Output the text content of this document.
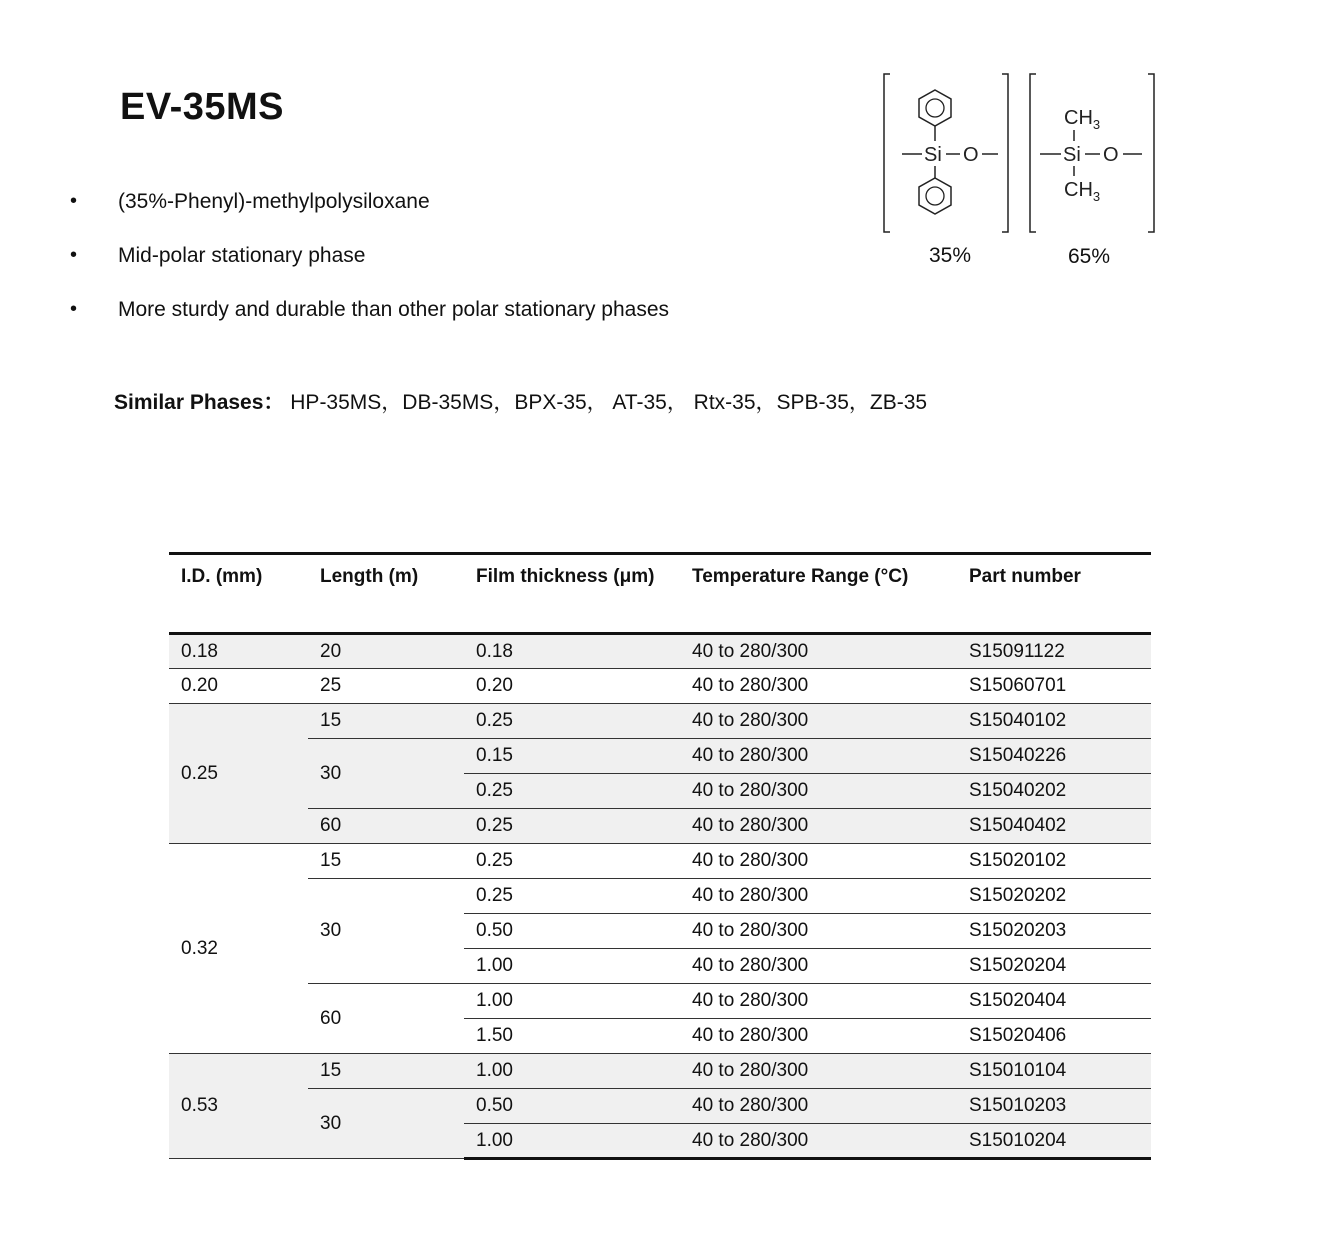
EV-35MS
• (35%-Phenyl)-methylpolysiloxane
• Mid-polar stationary phase
• More sturdy and durable than other polar stationary phases
Similar Phases： HP-35MS，DB-35MS，BPX-35， AT-35， Rtx-35，SPB-35，ZB-35
Si O
$CH_3$
Si O
$CH_3$
35%	65%
I.D. (mm)	Length (m)	Film thickness (μm)	Temperature Range (°C)	Part number
0.18	20	0.18	40 to 280/300	S15091122
0.20	25	0.20	40 to 280/300	S15060701
0.25	15	0.25	40 to 280/300	S15040102
	30	0.15	40 to 280/300	S15040226
		0.25	40 to 280/300	S15040202
	60	0.25	40 to 280/300	S15040402
0.32	15	0.25	40 to 280/300	S15020102
	30	0.25	40 to 280/300	S15020202
		0.50	40 to 280/300	S15020203
		1.00	40 to 280/300	S15020204
	60	1.00	40 to 280/300	S15020404
		1.50	40 to 280/300	S15020406
0.53	15	1.00	40 to 280/300	S15010104
	30	0.50	40 to 280/300	S15010203
		1.00	40 to 280/300	S15010204
